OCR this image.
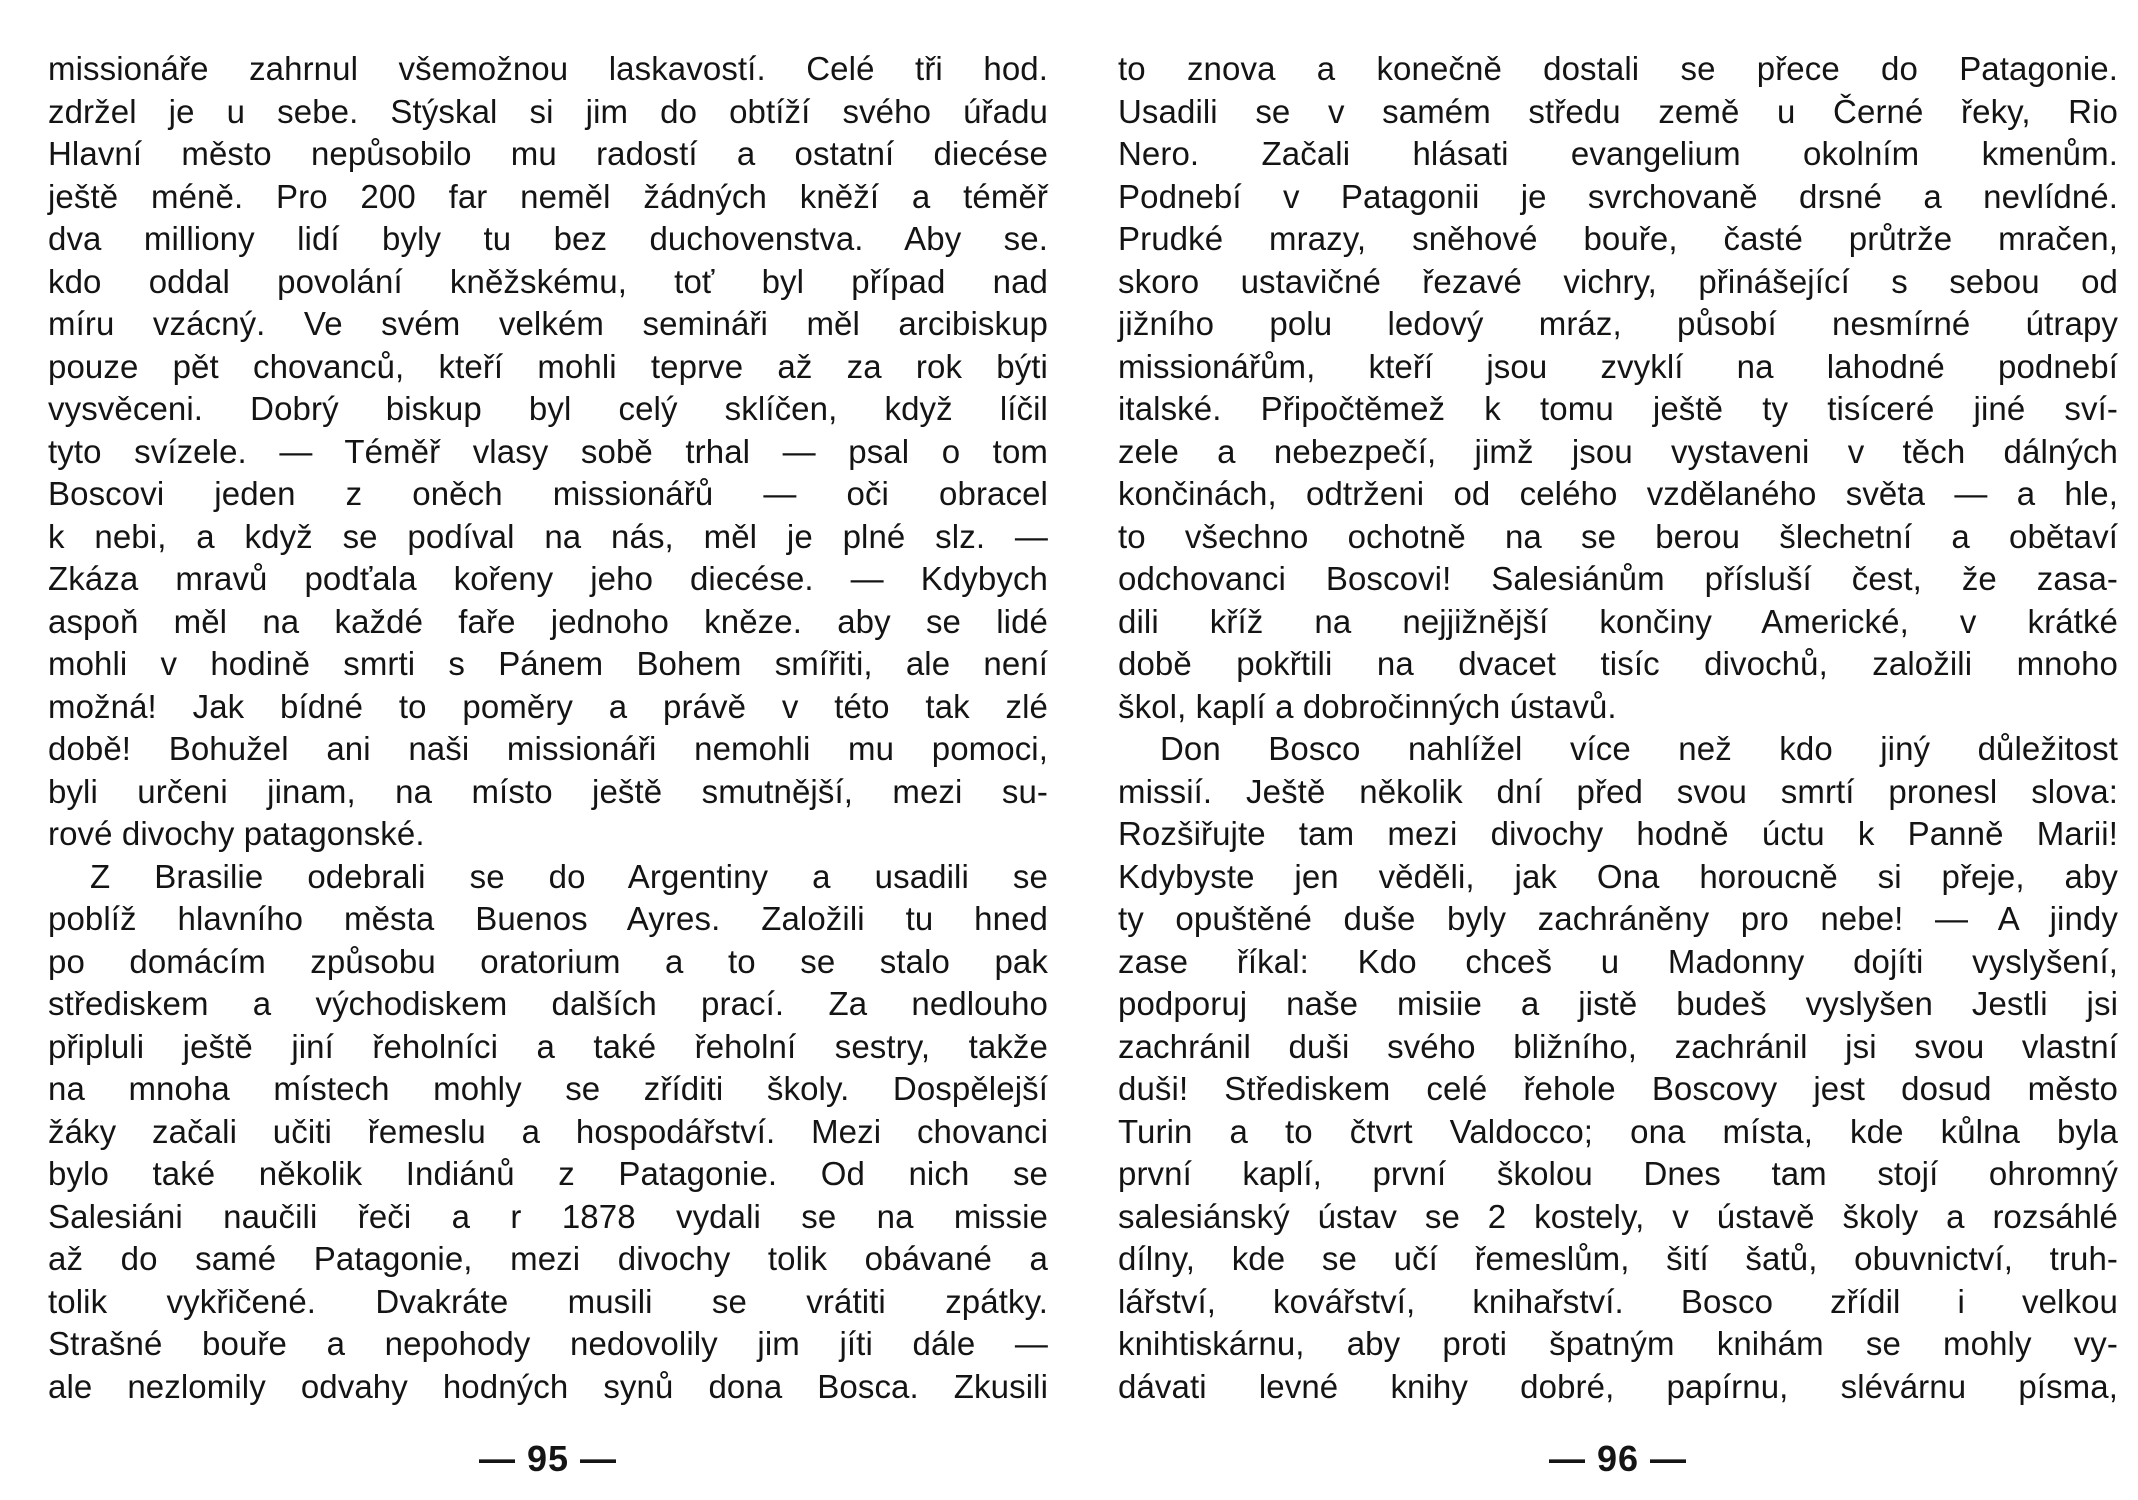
missionáře zahrnul všemožnou laskavostí. Celé tři hod.
zdržel je u sebe. Stýskal si jim do obtíží svého úřadu
Hlavní město nepůsobilo mu radostí a ostatní diecése
ještě méně. Pro 200 far neměl žádných kněží a téměř
dva milliony lidí byly tu bez duchovenstva. Aby se.
kdo oddal povolání kněžskému, toť byl případ nad
míru vzácný. Ve svém velkém semináři měl arcibiskup
pouze pět chovanců, kteří mohli teprve až za rok býti
vysvěceni. Dobrý biskup byl celý sklíčen, když líčil
tyto svízele. — Téměř vlasy sobě trhal — psal o tom
Boscovi jeden z oněch missionářů — oči obracel
k nebi, a když se podíval na nás, měl je plné slz. —
Zkáza mravů podťala kořeny jeho diecése. — Kdybych
aspoň měl na každé faře jednoho kněze. aby se lidé
mohli v hodině smrti s Pánem Bohem smířiti, ale není
možná! Jak bídné to poměry a právě v této tak zlé
době! Bohužel ani naši missionáři nemohli mu pomoci,
byli určeni jinam, na místo ještě smutnější, mezi su-
rové divochy patagonské.

Z Brasilie odebrali se do Argentiny a usadili se

poblíž hlavního města Buenos Ayres. Založili tu hned
po domácím způsobu oratorium a to se stalo pak
střediskem a východiskem dalších prací. Za nedlouho
připluli ještě jiní řeholníci a také řeholní sestry, takže
na mnoha místech mohly se zříditi školy. Dospělejší
žáky začali učiti řemeslu a hospodářství. Mezi chovanci
bylo také několik Indiánů z Patagonie. Od nich se
Salesiáni naučili řeči a r 1878 vydali se na missie
až do samé Patagonie, mezi divochy tolik obávané a
tolik vykřičené. Dvakráte musili se vrátiti zpátky.
Strašné bouře a nepohody nedovolily jim jíti dále —
ale nezlomily odvahy hodných synů dona Bosca. Zkusili

— 95 —

to znova a konečně dostali se přece do Patagonie.
Usadili se v samém středu země u Černé řeky, Rio
Nero. Začali hlásati evangelium okolním kmenům.
Podnebí v Patagonii je svrchovaně drsné a nevlídné.
Prudké mrazy, sněhové bouře, časté průtrže mračen,
skoro ustavičné řezavé vichry, přinášející s sebou od
jižního polu ledový mráz, působí nesmírné útrapy
missionářům, kteří jsou zvyklí na lahodné podnebí
italské. Připočtěmež k tomu ještě ty tisíceré jiné sví-
zele a nebezpečí, jimž jsou vystaveni v těch dálných
končinách, odtrženi od celého vzdělaného světa — a hle,
to všechno ochotně na se berou šlechetní a obětaví
odchovanci Boscovi! Salesiánům přísluší čest, že zasa-
dili kříž na nejjižnější končiny Americké, v krátké
době pokřtili na dvacet tisíc divochů, založili mnoho
škol, kaplí a dobročinných ústavů.

Don Bosco nahlížel více než kdo jiný důležitost

missií. Ještě několik dní před svou smrtí pronesl slova:
Rozšiřujte tam mezi divochy hodně úctu k Panně Marii!
Kdybyste jen věděli, jak Ona horoucně si přeje, aby
ty opuštěné duše byly zachráněny pro nebe! — A jindy
zase říkal: Kdo chceš u Madonny dojíti vyslyšení,
podporuj naše misiie a jistě budeš vyslyšen Jestli jsi
zachránil duši svého bližního, zachránil jsi svou vlastní
duši! Střediskem celé řehole Boscovy jest dosud město
Turin a to čtvrt Valdocco; ona místa, kde kůlna byla
první kaplí, první školou Dnes tam stojí ohromný
salesiánský ústav se 2 kostely, v ústavě školy a rozsáhlé
dílny, kde se učí řemeslům, šití šatů, obuvnictví, truh-
lářství, kovářství, knihařství. Bosco zřídil i velkou
knihtiskárnu, aby proti špatným knihám se mohly vy-
dávati levné knihy dobré, papírnu, slévárnu písma,

— 96 —
